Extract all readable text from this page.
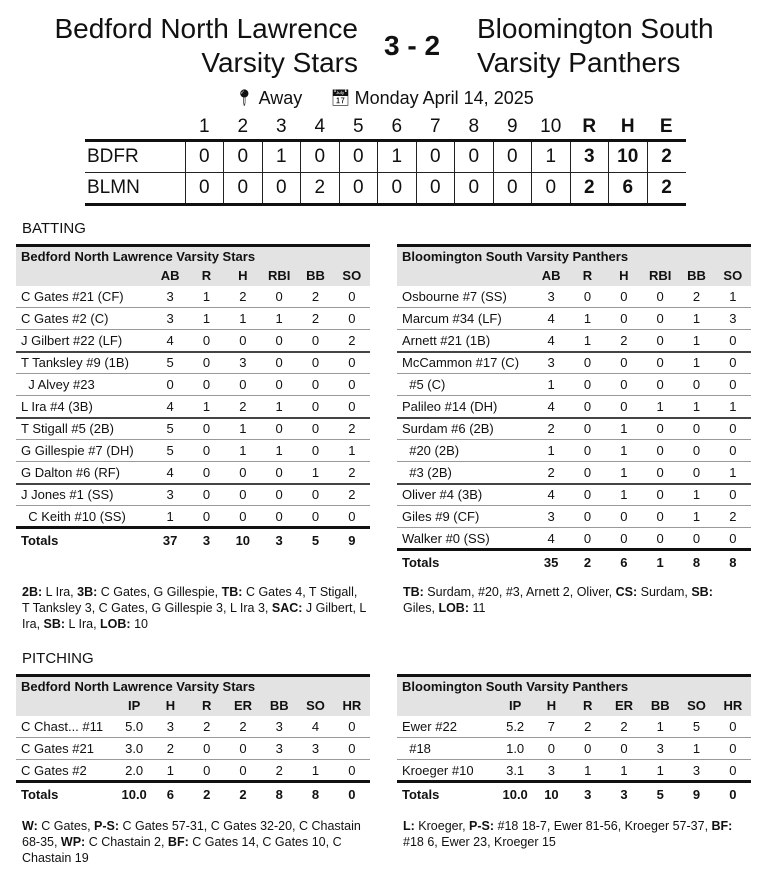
Bedford North Lawrence
Varsity Stars
3 - 2
Bloomington South
Varsity Panthers
📍︎ Away 📅︎ Monday April 14, 2025
	1	2	3	4	5	6	7	8	9	10	R	H	E
BDFR	0	0	1	0	0	1	0	0	0	1	3	10	2
BLMN	0	0	0	2	0	0	0	0	0	0	2	6	2
BATTING
Bedford North Lawrence Varsity Stars						
	AB	R	H	RBI	BB	SO
C Gates #21 (CF)	3	1	2	0	2	0
C Gates #2 (C)	3	1	1	1	2	0
J Gilbert #22 (LF)	4	0	0	0	0	2
T Tanksley #9 (1B)	5	0	3	0	0	0
J Alvey #23	0	0	0	0	0	0
L Ira #4 (3B)	4	1	2	1	0	0
T Stigall #5 (2B)	5	0	1	0	0	2
G Gillespie #7 (DH)	5	0	1	1	0	1
G Dalton #6 (RF)	4	0	0	0	1	2
J Jones #1 (SS)	3	0	0	0	0	2
C Keith #10 (SS)	1	0	0	0	0	0
Totals	37	3	10	3	5	9
Bloomington South Varsity Panthers						
	AB	R	H	RBI	BB	SO
Osbourne #7 (SS)	3	0	0	0	2	1
Marcum #34 (LF)	4	1	0	0	1	3
Arnett #21 (1B)	4	1	2	0	1	0
McCammon #17 (C)	3	0	0	0	1	0
#5 (C)	1	0	0	0	0	0
Palileo #14 (DH)	4	0	0	1	1	1
Surdam #6 (2B)	2	0	1	0	0	0
#20 (2B)	1	0	1	0	0	0
#3 (2B)	2	0	1	0	0	1
Oliver #4 (3B)	4	0	1	0	1	0
Giles #9 (CF)	3	0	0	0	1	2
Walker #0 (SS)	4	0	0	0	0	0
Totals	35	2	6	1	8	8
2B: L Ira, 3B: C Gates, G Gillespie, TB: C Gates 4, T Stigall, T Tanksley 3, C Gates, G Gillespie 3, L Ira 3, SAC: J Gilbert, L Ira, SB: L Ira, LOB: 10
TB: Surdam, #20, #3, Arnett 2, Oliver, CS: Surdam, SB: Giles, LOB: 11
PITCHING
Bedford North Lawrence Varsity Stars							
	IP	H	R	ER	BB	SO	HR
C Chast... #11	5.0	3	2	2	3	4	0
C Gates #21	3.0	2	0	0	3	3	0
C Gates #2	2.0	1	0	0	2	1	0
Totals	10.0	6	2	2	8	8	0
Bloomington South Varsity Panthers							
	IP	H	R	ER	BB	SO	HR
Ewer #22	5.2	7	2	2	1	5	0
#18	1.0	0	0	0	3	1	0
Kroeger #10	3.1	3	1	1	1	3	0
Totals	10.0	10	3	3	5	9	0
W: C Gates, P-S: C Gates 57-31, C Gates 32-20, C Chastain 68-35, WP: C Chastain 2, BF: C Gates 14, C Gates 10, C Chastain 19
L: Kroeger, P-S: #18 18-7, Ewer 81-56, Kroeger 57-37, BF: #18 6, Ewer 23, Kroeger 15
